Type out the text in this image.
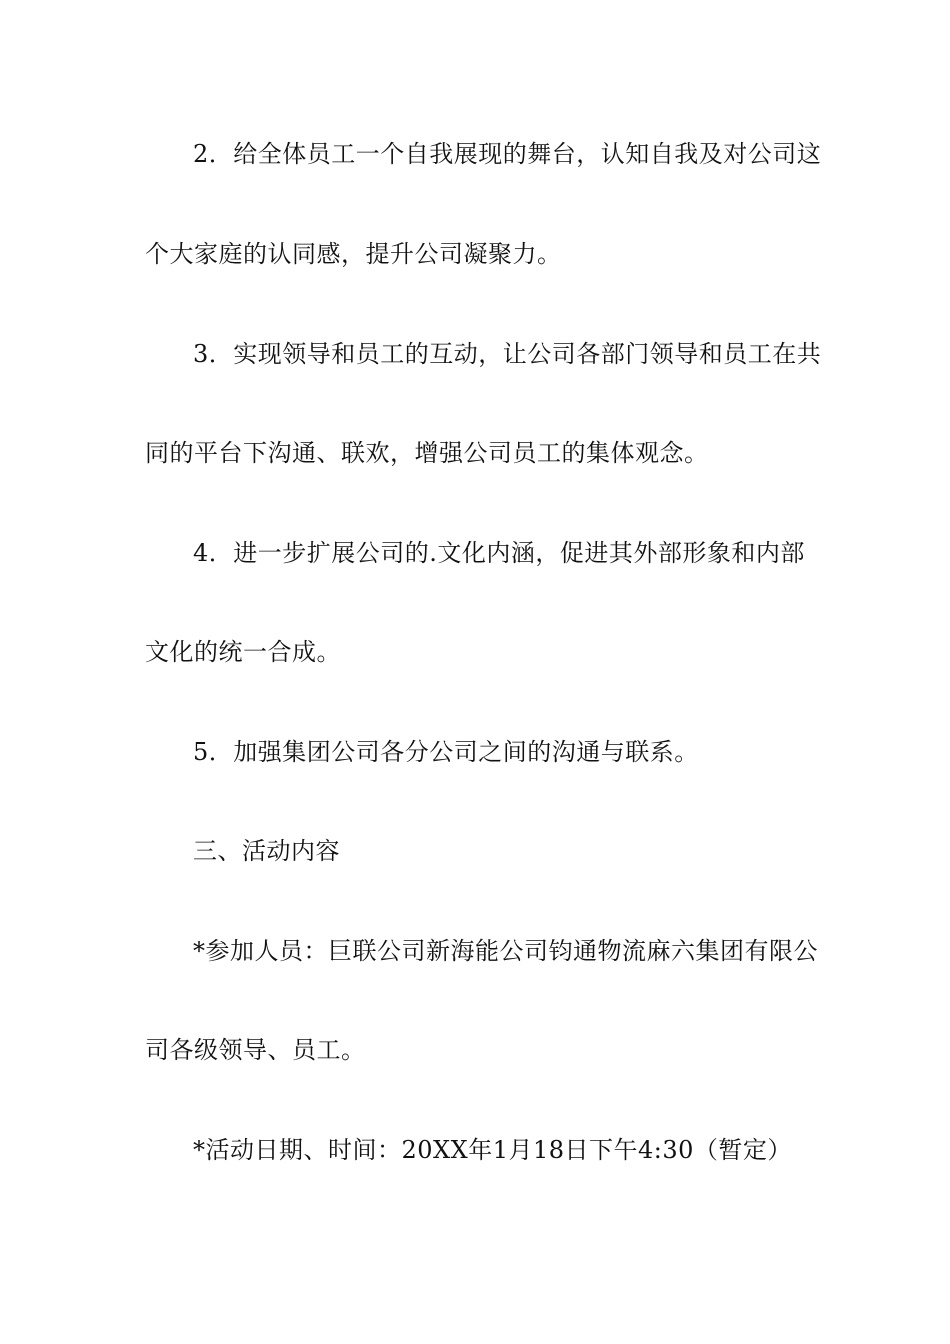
2．给全体员工一个自我展现的舞台，认知自我及对公司这
个大家庭的认同感，提升公司凝聚力。
3．实现领导和员工的互动，让公司各部门领导和员工在共
同的平台下沟通、联欢，增强公司员工的集体观念。
4．进一步扩展公司的.文化内涵，促进其外部形象和内部
文化的统一合成。
5．加强集团公司各分公司之间的沟通与联系。
三、活动内容
*参加人员：巨联公司新海能公司钧通物流麻六集团有限公
司各级领导、员工。
*活动日期、时间：20XX年1月18日下午4:30（暂定）
